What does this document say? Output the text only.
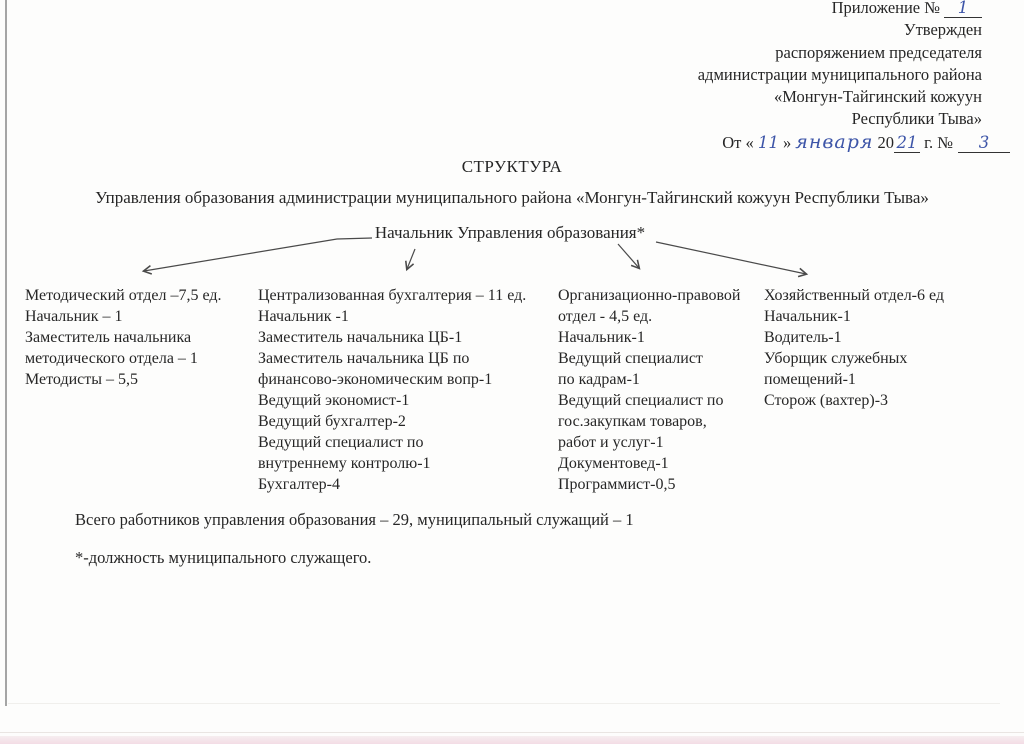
Приложение № 1
Утвержден
распоряжением председателя
администрации муниципального района
«Монгун-Тайгинский кожуун
Республики Тыва»
От « 11 » января 20 21 г. № 3
СТРУКТУРА
Управления образования администрации муниципального района «Монгун-Тайгинский кожуун Республики Тыва»
Начальник Управления образования*
Методический отдел –7,5 ед.
Начальник – 1
Заместитель начальника
методического отдела – 1
Методисты – 5,5
Централизованная бухгалтерия – 11 ед.
Начальник -1
Заместитель начальника ЦБ-1
Заместитель начальника ЦБ по
финансово-экономическим вопр-1
Ведущий экономист-1
Ведущий бухгалтер-2
Ведущий специалист по
внутреннему контролю-1
Бухгалтер-4
Организационно-правовой
отдел - 4,5 ед.
Начальник-1
Ведущий специалист
по кадрам-1
Ведущий специалист по
гос.закупкам товаров,
работ и услуг-1
Документовед-1
Программист-0,5
Хозяйственный отдел-6 ед
Начальник-1
Водитель-1
Уборщик служебных
помещений-1
Сторож (вахтер)-3
Всего работников управления образования – 29, муниципальный служащий – 1
*-должность муниципального служащего.
